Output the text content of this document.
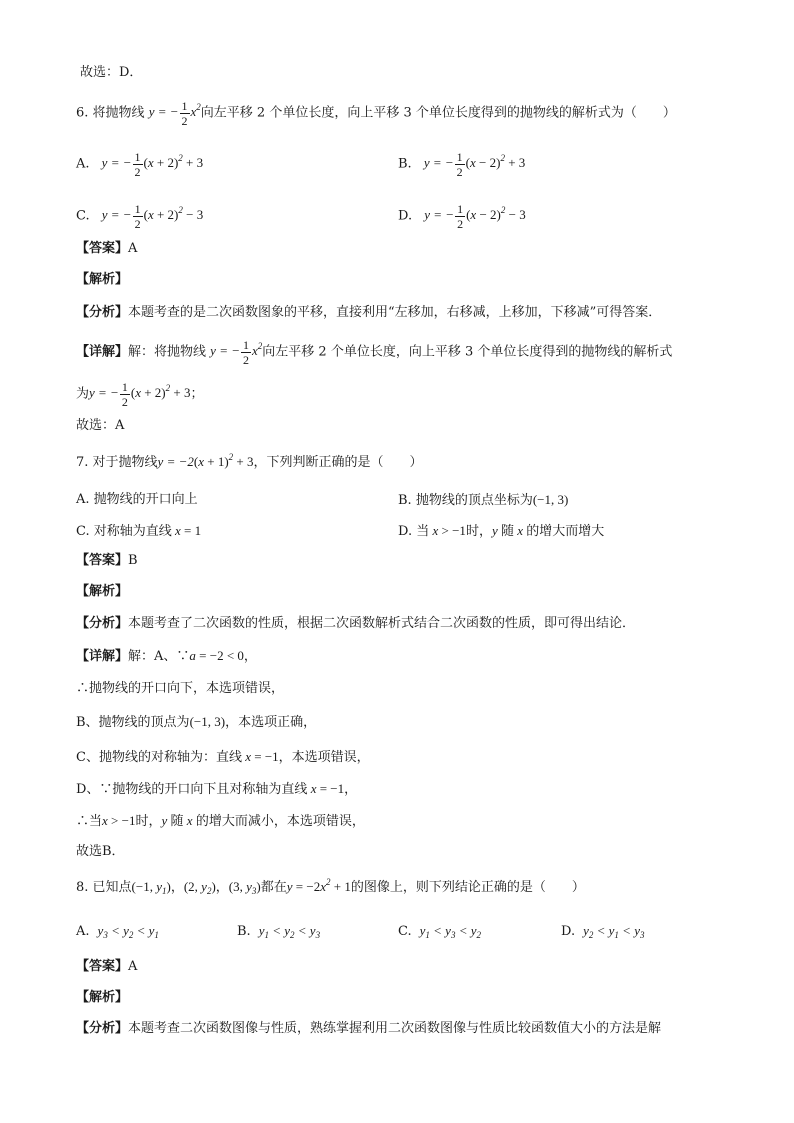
故选：D．
6. 将抛物线 y = − $\frac{1}{2} x^2$向左平移 2 个单位长度，向上平移 3 个单位长度得到的抛物线的解析式为（　　）
A. y = − $\frac{1}{2} (x + 2)^2 + 3$	B. y = − $\frac{1}{2} (x - 2)^2 + 3$
C. y = − $\frac{1}{2} (x + 2)^2 - 3$	D. y = − $\frac{1}{2} (x - 2)^2 - 3$
【答案】A
【解析】
【分析】本题考查的是二次函数图象的平移，直接利用“左移加，右移减，上移加，下移减”可得答案．
【详解】解：将抛物线 y = − $\frac{1}{2} x^2$向左平移 2 个单位长度，向上平移 3 个单位长度得到的抛物线的解析式
为y = − $\frac{1}{2} (x + 2)^2 + 3$；
故选：A
7. 对于抛物线$y = -2(x + 1)^2 + 3$，下列判断正确的是（　　）
A. 抛物线的开口向上	B. 抛物线的顶点坐标为(−1, 3)
C. 对称轴为直线 x = 1	D. 当 x > −1时，y 随 x 的增大而增大
【答案】B
【解析】
【分析】本题考查了二次函数的性质，根据二次函数解析式结合二次函数的性质，即可得出结论．
【详解】解：A、∵a = −2 < 0，
∴抛物线的开口向下，本选项错误，
B、抛物线的顶点为(−1, 3)，本选项正确，
C、抛物线的对称轴为：直线 x = −1，本选项错误，
D、∵抛物线的开口向下且对称轴为直线 x = −1，
∴当x > −1时，y 随 x 的增大而减小，本选项错误，
故选B．
8. 已知点(−1, $y_1$)，(2, $y_2$)，(3, $y_3$)都在$y = -2x^2 + 1$的图像上，则下列结论正确的是（　　）
A. $y_3 < y_2 < y_1$	B. $y_1 < y_2 < y_3$	C. $y_1 < y_3 < y_2$	D. $y_2 < y_1 < y_3$
【答案】A
【解析】
【分析】本题考查二次函数图像与性质，熟练掌握利用二次函数图像与性质比较函数值大小的方法是解
